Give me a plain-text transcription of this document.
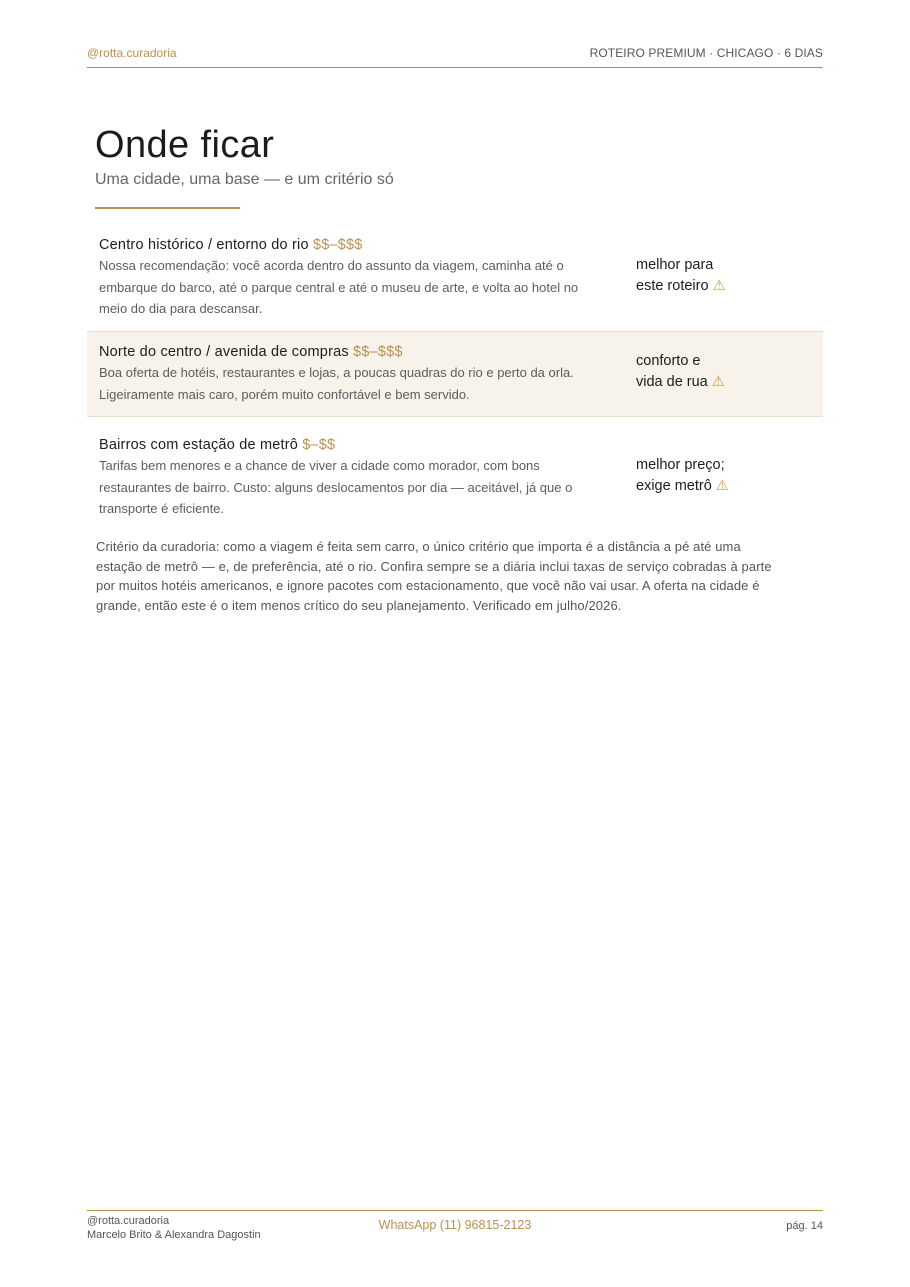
@rotta.curadoria	ROTEIRO PREMIUM · CHICAGO · 6 DIAS
Onde ficar
Uma cidade, uma base — e um critério só
Centro histórico / entorno do rio $$–$$$
Nossa recomendação: você acorda dentro do assunto da viagem, caminha até o
embarque do barco, até o parque central e até o museu de arte, e volta ao hotel no
meio do dia para descansar.
melhor para
este roteiro ⚠
Norte do centro / avenida de compras $$–$$$
Boa oferta de hotéis, restaurantes e lojas, a poucas quadras do rio e perto da orla.
Ligeiramente mais caro, porém muito confortável e bem servido.
conforto e
vida de rua ⚠
Bairros com estação de metrô $–$$
Tarifas bem menores e a chance de viver a cidade como morador, com bons
restaurantes de bairro. Custo: alguns deslocamentos por dia — aceitável, já que o
transporte é eficiente.
melhor preço;
exige metrô ⚠
Critério da curadoria: como a viagem é feita sem carro, o único critério que importa é a distância a pé até uma
estação de metrô — e, de preferência, até o rio. Confira sempre se a diária inclui taxas de serviço cobradas à parte
por muitos hotéis americanos, e ignore pacotes com estacionamento, que você não vai usar. A oferta na cidade é
grande, então este é o item menos crítico do seu planejamento. Verificado em julho/2026.
@rotta.curadoria
Marcelo Brito & Alexandra Dagostin
WhatsApp (11) 96815-2123	pág. 14
